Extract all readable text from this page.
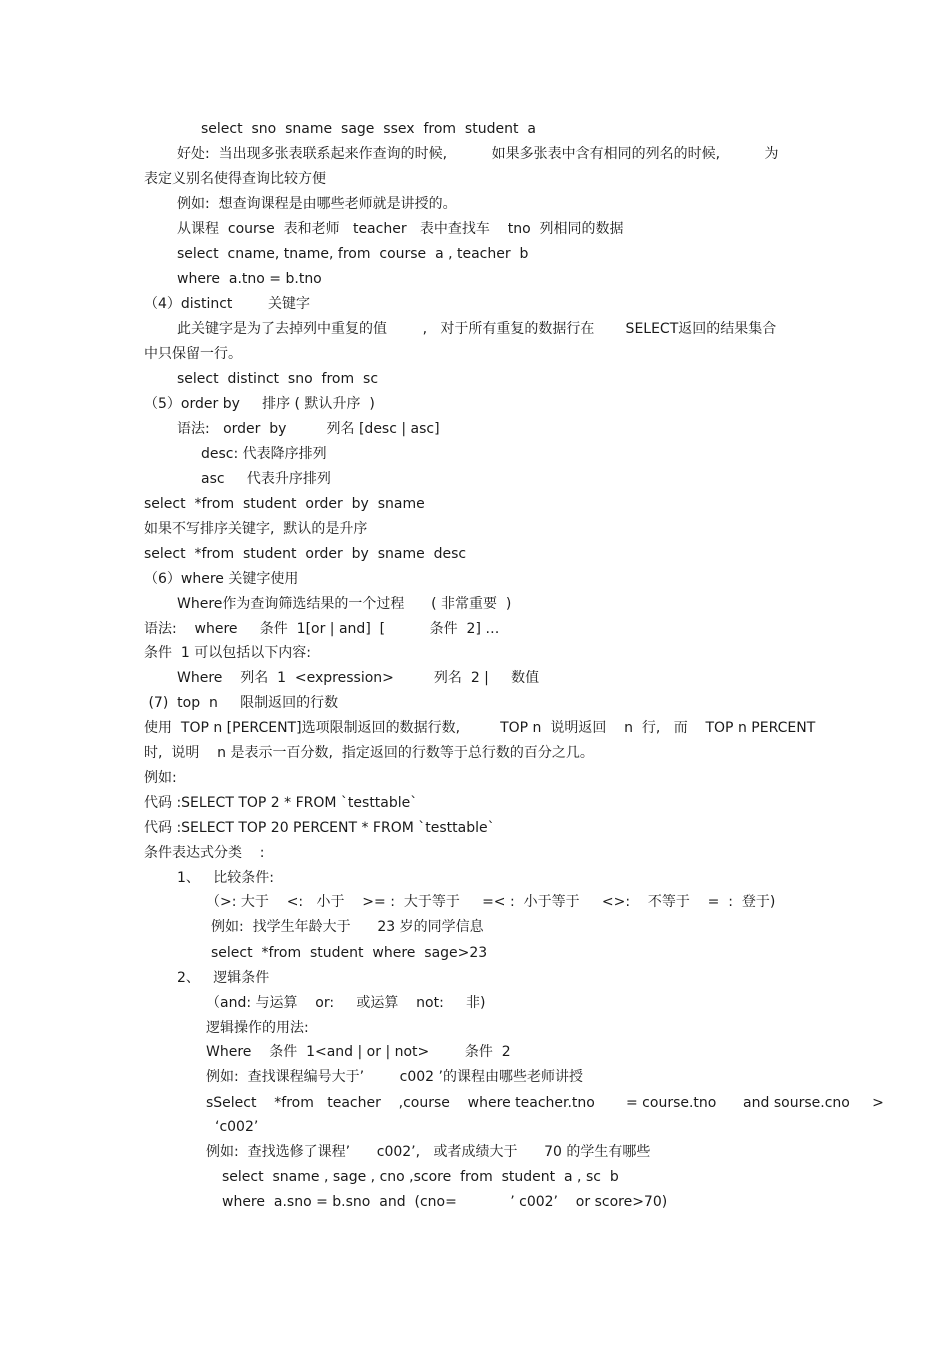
select  sno  sname  sage  ssex  from  student  a
好处:  当出现多张表联系起来作查询的时候,          如果多张表中含有相同的列名的时候,          为
表定义别名使得查询比较方便
例如:  想查询课程是由哪些老师就是讲授的。
从课程  course  表和老师   teacher   表中查找车    tno  列相同的数据
select  cname, tname, from  course  a , teacher  b
where  a.tno = b.tno
（4）distinct        关键字
此关键字是为了去掉列中重复的值        ,   对于所有重复的数据行在       SELECT返回的结果集合
中只保留一行。
select  distinct  sno  from  sc
（5）order by     排序 ( 默认升序  )
语法:   order  by         列名 [desc | asc]
desc: 代表降序排列
asc     代表升序排列
select  *from  student  order  by  sname
如果不写排序关键字,  默认的是升序
select  *from  student  order  by  sname  desc
（6）where 关键字使用
Where作为查询筛选结果的一个过程      ( 非常重要  )
语法:    where     条件  1[or | and]  [          条件  2] …
条件  1 可以包括以下内容:
Where    列名  1  <expression>         列名  2 |     数值
(7)  top  n     限制返回的行数
使用  TOP n [PERCENT]选项限制返回的数据行数,         TOP n  说明返回    n  行,   而    TOP n PERCENT
时,  说明    n 是表示一百分数,  指定返回的行数等于总行数的百分之几。
例如:
代码 :SELECT TOP 2 * FROM `testtable`
代码 :SELECT TOP 20 PERCENT * FROM `testtable`
条件表达式分类    :
1、   比较条件:
（>: 大于    <:   小于    >= :  大于等于     =< :  小于等于     <>:    不等于    =  :  登于)
例如:  找学生年龄大于      23 岁的同学信息
select  *from  student  where  sage>23
2、   逻辑条件
（and: 与运算    or:     或运算    not:     非)
逻辑操作的用法:
Where    条件  1<and | or | not>        条件  2
例如:  查找课程编号大于’        c002 ’的课程由哪些老师讲授
sSelect    *from   teacher    ,course    where teacher.tno       = course.tno      and sourse.cno     >
‘c002’
例如:  查找选修了课程’      c002’,   或者成绩大于      70 的学生有哪些
select  sname , sage , cno ,score  from  student  a , sc  b
where  a.sno = b.sno  and  (cno=            ’ c002’    or score>70)
